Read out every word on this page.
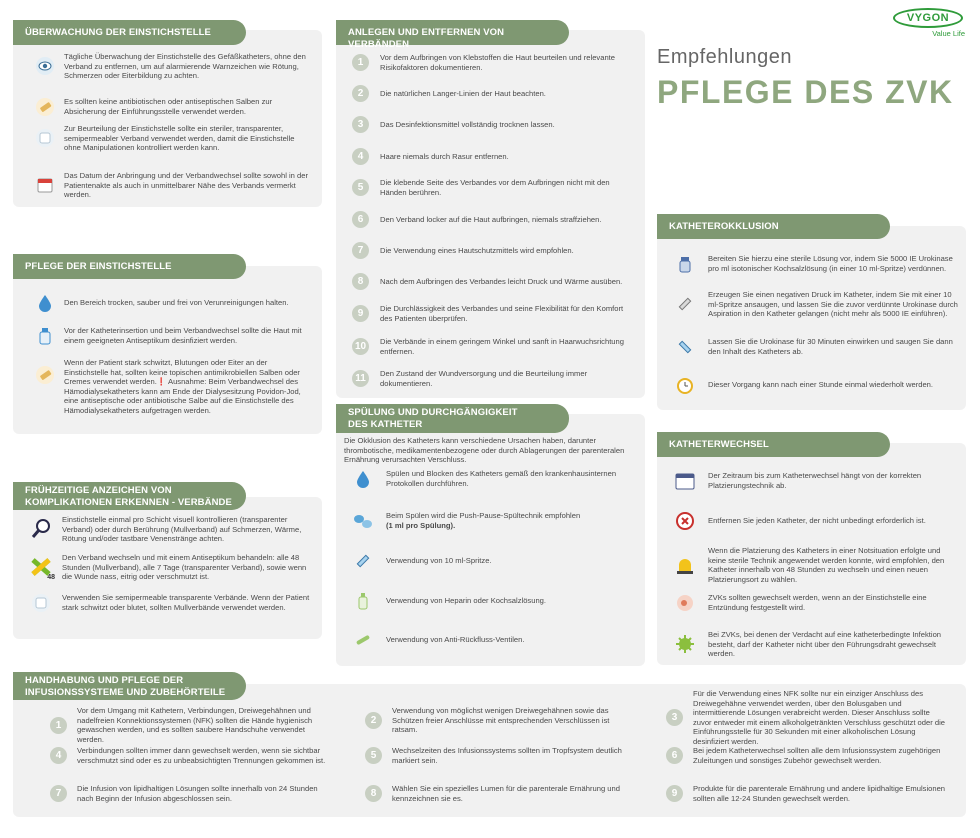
VYGON
Value Life
Empfehlungen
PFLEGE DES ZVK
ÜBERWACHUNG DER EINSTICHSTELLE
Tägliche Überwachung der Einstichstelle des Gefäßkatheters, ohne den Verband zu entfernen, um auf alarmierende Warnzeichen wie Rötung, Schmerzen oder Eiterbildung zu achten.
Es sollten keine antibiotischen oder antiseptischen Salben zur Absicherung der Einführungsstelle verwendet werden.
Zur Beurteilung der Einstichstelle sollte ein steriler, transparenter, semipermeabler Verband verwendet werden, damit die Einstichstelle ohne Manipulationen kontrolliert werden kann.
Das Datum der Anbringung und der Verbandwechsel sollte sowohl in der Patientenakte als auch in unmittelbarer Nähe des Verbands vermerkt werden.
PFLEGE DER EINSTICHSTELLE
Den Bereich trocken, sauber und frei von Verunreinigungen halten.
Vor der Katheterinsertion und beim Verbandwechsel sollte die Haut mit einem geeigneten Antiseptikum desinfiziert werden.
Wenn der Patient stark schwitzt, Blutungen oder Eiter an der Einstichstelle hat, sollten keine topischen antimikrobiellen Salben oder Cremes verwendet werden.❗ Ausnahme: Beim Verbandwechsel des Hämodialysekatheters kann am Ende der Dialysesitzung Povidon-Jod, eine antiseptische oder antibiotische Salbe auf die Einstichstelle des Hämodialysekatheters aufgetragen werden.
FRÜHZEITIGE ANZEICHEN VON KOMPLIKATIONEN ERKENNEN - VERBÄNDE
Einstichstelle einmal pro Schicht visuell kontrollieren (transparenter Verband) oder durch Berührung (Mullverband) auf Schmerzen, Wärme, Rötung und/oder tastbare Venenstränge achten.
48
Den Verband wechseln und mit einem Antiseptikum behandeln: alle 48 Stunden (Mullverband), alle 7 Tage (transparenter Verband), sowie wenn die Wunde nass, eitrig oder verschmutzt ist.
Verwenden Sie semipermeable transparente Verbände. Wenn der Patient stark schwitzt oder blutet, sollten Mullverbände verwendet werden.
ANLEGEN UND ENTFERNEN VON VERBÄNDEN
1	Vor dem Aufbringen von Klebstoffen die Haut beurteilen und relevante Risikofaktoren dokumentieren.
2	Die natürlichen Langer-Linien der Haut beachten.
3	Das Desinfektionsmittel vollständig trocknen lassen.
4	Haare niemals durch Rasur entfernen.
5	Die klebende Seite des Verbandes vor dem Aufbringen nicht mit den Händen berühren.
6	Den Verband locker auf die Haut aufbringen, niemals straffziehen.
7	Die Verwendung eines Hautschutzmittels wird empfohlen.
8	Nach dem Aufbringen des Verbandes leicht Druck und Wärme ausüben.
9	Die Durchlässigkeit des Verbandes und seine Flexibilität für den Komfort des Patienten überprüfen.
10	Die Verbände in einem geringem Winkel und sanft in Haarwuchsrichtung entfernen.
11	Den Zustand der Wundversorgung und die Beurteilung immer dokumentieren.
SPÜLUNG UND DURCHGÄNGIGKEIT
DES KATHETER
Die Okklusion des Katheters kann verschiedene Ursachen haben, darunter thrombotische, medikamentenbezogene oder durch Ablagerungen der parenteralen Ernährung verursachten Verschluss.
Spülen und Blocken des Katheters gemäß den krankenhausinternen Protokollen durchführen.
Beim Spülen wird die Push-Pause-Spültechnik empfohlen
(1 ml pro Spülung).
Verwendung von 10 ml-Spritze.
Verwendung von Heparin oder Kochsalzlösung.
Verwendung von Anti-Rückfluss-Ventilen.
KATHETEROKKLUSION
Bereiten Sie hierzu eine sterile Lösung vor, indem Sie 5000 IE Urokinase pro ml isotonischer Kochsalzlösung (in einer 10 ml-Spritze) verdünnen.
Erzeugen Sie einen negativen Druck im Katheter, indem Sie mit einer 10 ml-Spritze ansaugen, und lassen Sie die zuvor verdünnte Urokinase durch Aspiration in den Katheter gelangen (nicht mehr als 5000 IE einführen).
Lassen Sie die Urokinase für 30 Minuten einwirken und saugen Sie dann den Inhalt des Katheters ab.
Dieser Vorgang kann nach einer Stunde einmal wiederholt werden.
KATHETERWECHSEL
Der Zeitraum bis zum Katheterwechsel hängt von der korrekten Platzierungstechnik ab.
Entfernen Sie jeden Katheter, der nicht unbedingt erforderlich ist.
Wenn die Platzierung des Katheters in einer Notsituation erfolgte und keine sterile Technik angewendet werden konnte, wird empfohlen, den Katheter innerhalb von 48 Stunden zu wechseln und einen neuen Platzierungsort zu wählen.
ZVKs sollten gewechselt werden, wenn an der Einstichstelle eine Entzündung festgestellt wird.
Bei ZVKs, bei denen der Verdacht auf eine katheterbedingte Infektion besteht, darf der Katheter nicht über den Führungsdraht gewechselt werden.
HANDHABUNG UND PFLEGE DER
INFUSIONSSYSTEME UND ZUBEHÖRTEILE
1
Vor dem Umgang mit Kathetern, Verbindungen, Dreiwegehähnen und nadelfreien Konnektionssystemen (NFK) sollten die Hände hygienisch gewaschen werden, und es sollten saubere Handschuhe verwendet werden.
2
Verwendung von möglichst wenigen Dreiwegehähnen sowie das Schützen freier Anschlüsse mit entsprechenden Verschlüssen ist ratsam.
3
Für die Verwendung eines NFK sollte nur ein einziger Anschluss des Dreiwegehähne verwendet werden, über den Bolusgaben und intermittierende Lösungen verabreicht werden. Dieser Anschluss sollte zuvor entweder mit einem alkoholgetränkten Verschluss geschützt oder die Einführungsstelle für 30 Sekunden mit einer alkoholischen Lösung desinfiziert werden.
4	Verbindungen sollten immer dann gewechselt werden, wenn sie sichtbar verschmutzt sind oder es zu unbeabsichtigten Trennungen gekommen ist.	5	Wechselzeiten des Infusionssystems sollten im Tropfsystem deutlich markiert sein.	6	Bei jedem Katheterwechsel sollten alle dem Infusionssystem zugehörigen Zuleitungen und sonstiges Zubehör gewechselt werden.
7	Die Infusion von lipidhaltigen Lösungen sollte innerhalb von 24 Stunden nach Beginn der Infusion abgeschlossen sein.	8	Wählen Sie ein spezielles Lumen für die parenterale Ernährung und kennzeichnen sie es.	9	Produkte für die parenterale Ernährung und andere lipidhaltige Emulsionen sollten alle 12-24 Stunden gewechselt werden.
